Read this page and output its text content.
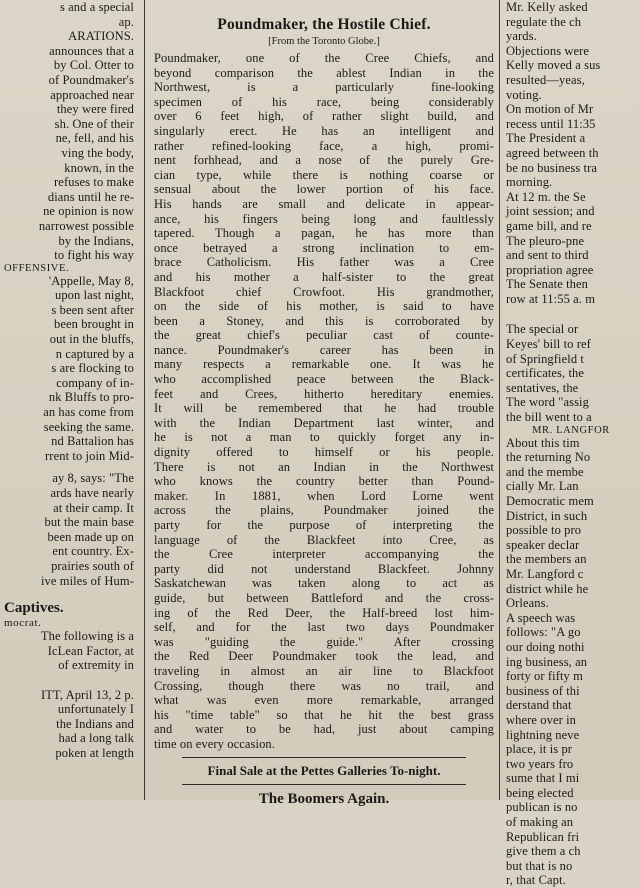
s and a special
ap.
ARATIONS.
announces that a
by Col. Otter to
of Poundmaker's
approached near
they were fired
sh. One of their
ne, fell, and his
ving the body,
known, in the
refuses to make
dians until he re-
ne opinion is now
narrowest possible
by the Indians,
to fight his way
OFFENSIVE.
'Appelle, May 8,
upon last night,
s been sent after
been brought in
out in the bluffs,
n captured by a
s are flocking to
company of in-
nk Bluffs to pro-
an has come from
seeking the same.
nd Battalion has
rrent to join Mid-
ay 8, says: "The
ards have nearly
at their camp. It
but the main base
been made up on
ent country. Ex-
prairies south of
ive miles of Hum-
Captives.
mocrat.
The following is a
IcLean Factor, at
of extremity in

ITT, April 13, 2 p.
unfortunately I
the Indians and
had a long talk
poken at length
Poundmaker, the Hostile Chief.
[From the Toronto Globe.]
Poundmaker, one of the Cree Chiefs, and
beyond comparison the ablest Indian in the
Northwest, is a particularly fine-looking
specimen of his race, being considerably
over 6 feet high, of rather slight build, and
singularly erect. He has an intelligent and
rather refined-looking face, a high, promi-
nent forhhead, and a nose of the purely Gre-
cian type, while there is nothing coarse or
sensual about the lower portion of his face.
His hands are small and delicate in appear-
ance, his fingers being long and faultlessly
tapered. Though a pagan, he has more than
once betrayed a strong inclination to em-
brace Catholicism. His father was a Cree
and his mother a half-sister to the great
Blackfoot chief Crowfoot. His grandmother,
on the side of his mother, is said to have
been a Stoney, and this is corroborated by
the great chief's peculiar cast of counte-
nance. Poundmaker's career has been in
many respects a remarkable one. It was he
who accomplished peace between the Black-
feet and Crees, hitherto hereditary enemies.
It will be remembered that he had trouble
with the Indian Department last winter, and
he is not a man to quickly forget any in-
dignity offered to himself or his people.
There is not an Indian in the Northwest
who knows the country better than Pound-
maker. In 1881, when Lord Lorne went
across the plains, Poundmaker joined the
party for the purpose of interpreting the
language of the Blackfeet into Cree, as
the Cree interpreter accompanying the
party did not understand Blackfeet. Johnny
Saskatchewan was taken along to act as
guide, but between Battleford and the cross-
ing of the Red Deer, the Half-breed lost him-
self, and for the last two days Poundmaker
was "guiding the guide." After crossing
the Red Deer Poundmaker took the lead, and
traveling in almost an air line to Blackfoot
Crossing, though there was no trail, and
what was even more remarkable, arranged
his "time table" so that he hit the best grass
and water to be had, just about camping
time on every occasion.
Final Sale at the Pettes Galleries To-night.
The Boomers Again.
Mr. Kelly asked
regulate the ch
yards.
Objections were
Kelly moved a sus
resulted—yeas,
voting.
On motion of Mr
recess until 11:35
The President a
agreed between th
be no business tra
morning.
At 12 m. the Se
joint session; and
game bill, and re
The pleuro-pne
and sent to third
propriation agree
The Senate then
row at 11:55 a. m
The special or
Keyes' bill to ref
of Springfield t
certificates, the
sentatives, the
The word "assig
the bill went to a
MR. LANGFOR
About this tim
the returning No
and the membe
cially Mr. Lan
Democratic mem
District, in such
possible to pro
speaker declar
the members an
Mr. Langford c
district while he
Orleans.
A speech was
follows: "A go
our doing nothi
ing business, an
forty or fifty m
business of thi
derstand that
where over in
lightning neve
place, it is pr
two years fro
sume that I mi
being elected
publican is no
of making an
Republican fri
give them a ch
but that is no
r, that Capt.
